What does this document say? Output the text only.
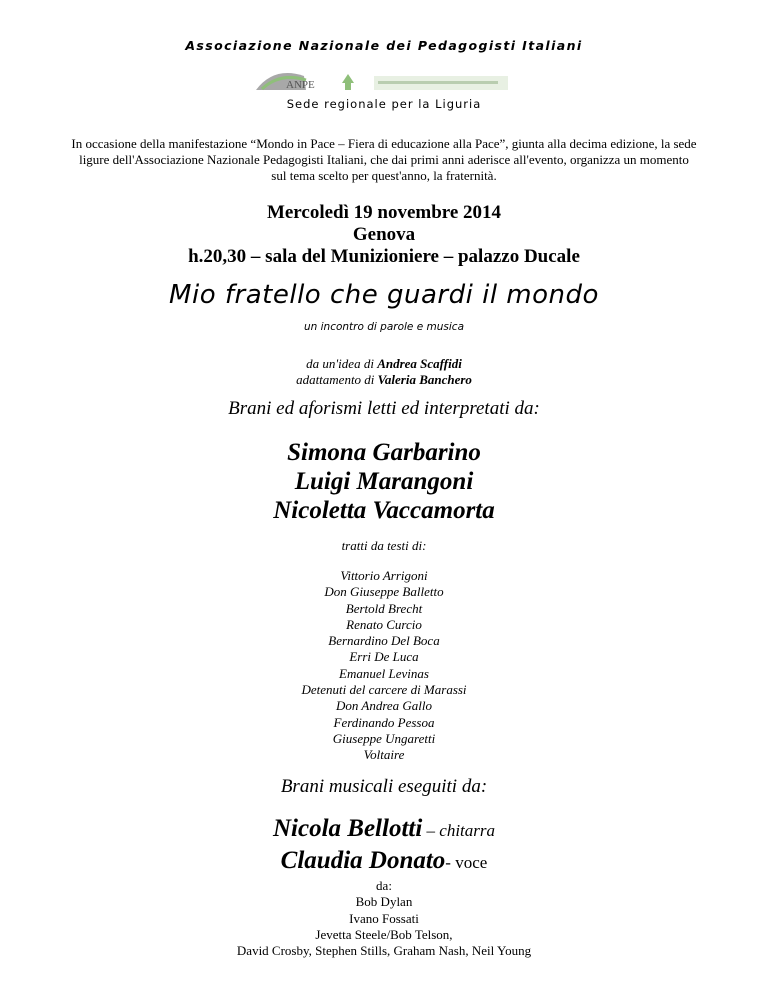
Associazione Nazionale dei Pedagogisti Italiani
ANPE
Sede regionale per la Liguria
In occasione della manifestazione “Mondo in Pace – Fiera di educazione alla Pace”, giunta alla decima edizione, la sede ligure dell'Associazione Nazionale Pedagogisti Italiani, che dai primi anni aderisce all'evento, organizza un momento sul tema scelto per quest'anno, la fraternità.
Mercoledì 19 novembre 2014
Genova
h.20,30 – sala del Munizioniere – palazzo Ducale
Mio fratello che guardi il mondo
un incontro di parole e musica
da un'idea di Andrea Scaffidi
adattamento di Valeria Banchero
Brani ed aforismi letti ed interpretati da:
Simona Garbarino
Luigi Marangoni
Nicoletta Vaccamorta
tratti da testi di:
Vittorio Arrigoni
Don Giuseppe Balletto
Bertold Brecht
Renato Curcio
Bernardino Del Boca
Erri De Luca
Emanuel Levinas
Detenuti del carcere di Marassi
Don Andrea Gallo
Ferdinando Pessoa
Giuseppe Ungaretti
Voltaire
Brani musicali eseguiti da:
Nicola Bellotti – chitarra
Claudia Donato- voce
da:
Bob Dylan
Ivano Fossati
Jevetta Steele/Bob Telson,
David Crosby, Stephen Stills, Graham Nash, Neil Young
